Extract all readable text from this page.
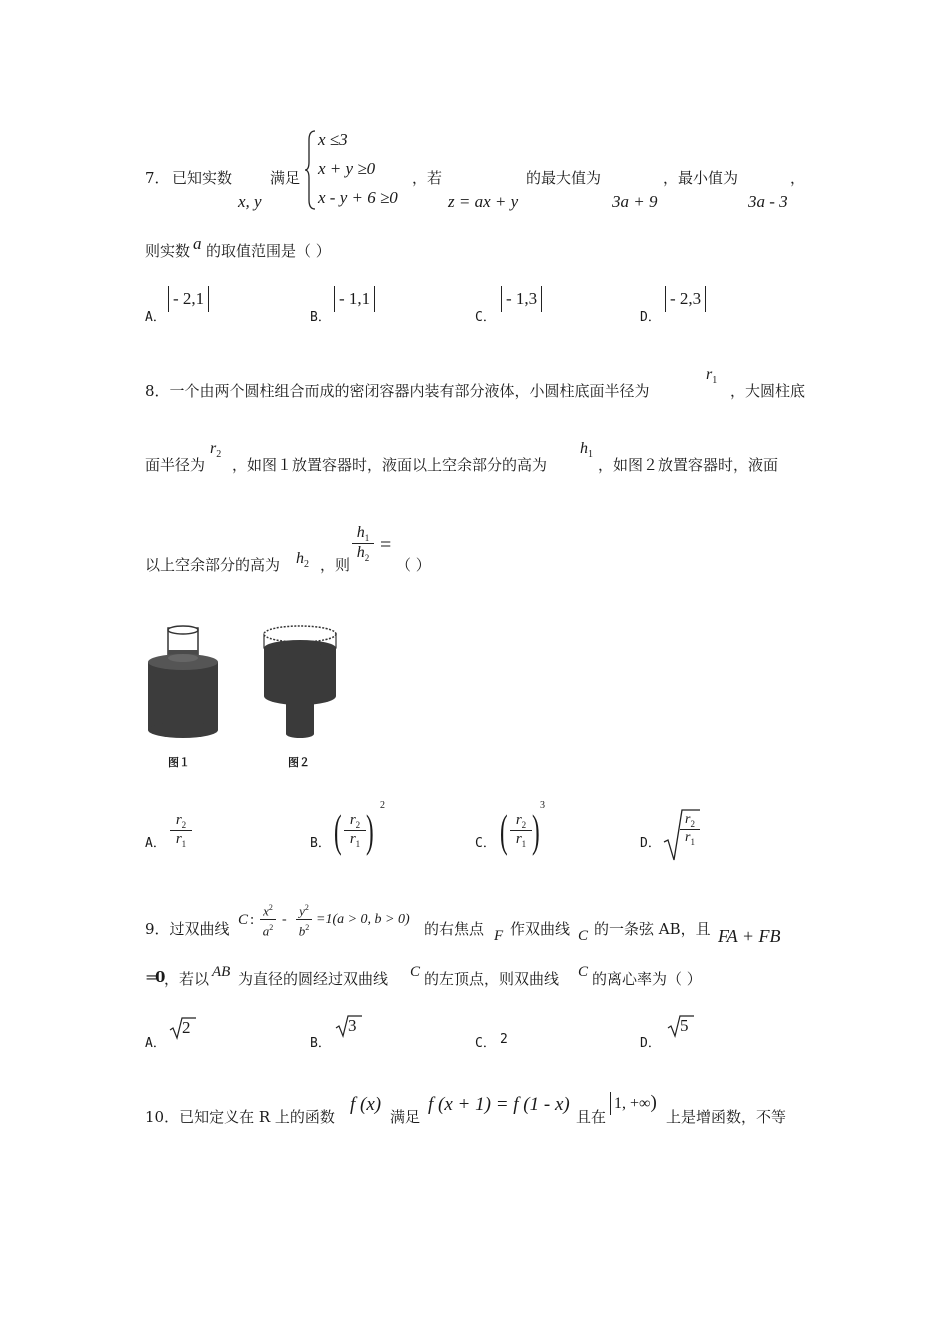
7． 已知实数
x, y
满足
x ≤3
x + y ≥0
x - y + 6 ≥0
，若
z = ax + y
的最大值为
3a + 9
，最小值为
3a - 3
，
则实数 a 的取值范围是（ ）
A．
- 2,1
B．
- 1,1
C．
- 1,3
D．
- 2,3
8．一个由两个圆柱组合而成的密闭容器内装有部分液体，小圆柱底面半径为
$r_1$
，大圆柱底
面半径为
$r_2$
，如图１放置容器时，液面以上空余部分的高为
$h_1$
，如图２放置容器时，液面
以上空余部分的高为 $h_2$ ，则
$\frac{h_1}{h_2}$ =
（ ）
图１	图２
A． $\frac{r_2}{r_1}$	B． ( $\frac{r_2}{r_1}$ ) 2
C． ( $\frac{r_2}{r_1}$ ) 3
D． $\frac{r_2}{r_1}$
9．过双曲线 C : $\frac{x^2}{a^2} - \frac{y^2}{b^2} =1(a > 0$, b > 0)
的右焦点 F 作双曲线 C 的一条弦 AB，且 FA + FB
=
0
，若以 AB 为直径的圆经过双曲线 C 的左顶点，则双曲线 C 的离心率为（ ）
A．
2
B．
3
C． 2	D．
5
10．已知定义在 R 上的函数
f (x)
满足
f (x + 1) = f (1 - x)
且在
1, +∞)
上是增函数，不等
